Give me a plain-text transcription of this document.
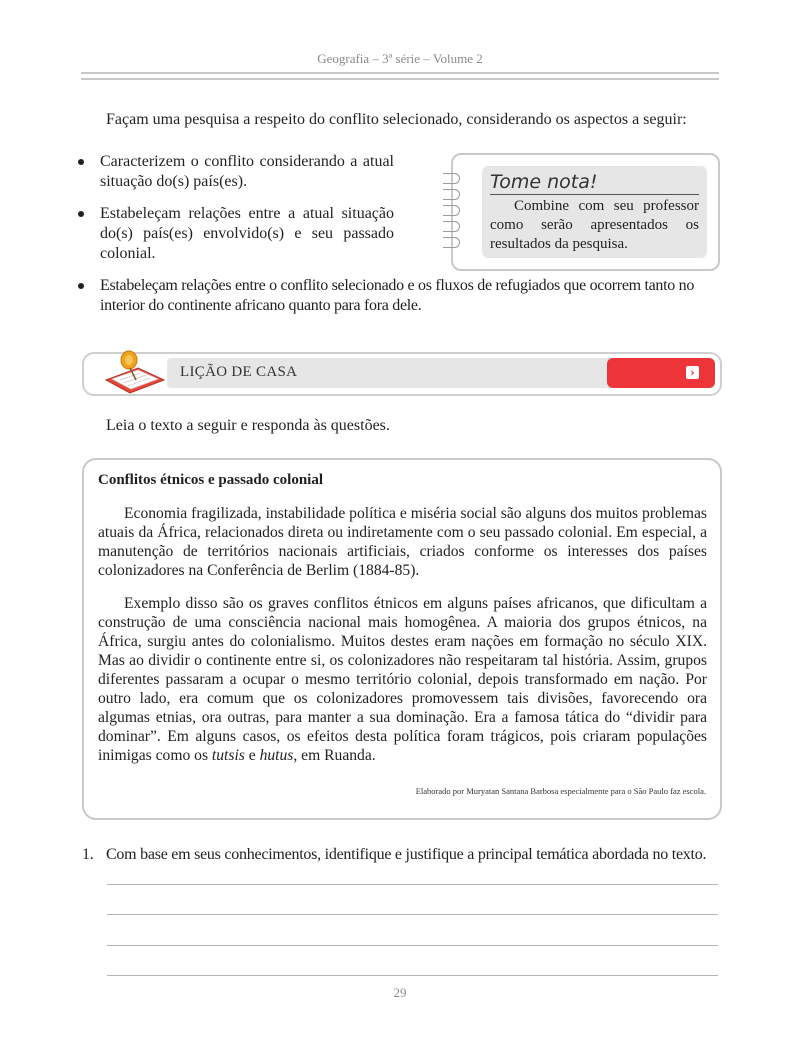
Geografia – 3ª série – Volume 2
Façam uma pesquisa a respeito do conflito selecionado, considerando os aspectos a seguir:
Caracterizem o conflito considerando a atual situação do(s) país(es).
Estabeleçam relações entre a atual situação do(s) país(es) envolvido(s) e seu passado colonial.
Estabeleçam relações entre o conflito selecionado e os fluxos de refugiados que ocorrem tanto no interior do continente africano quanto para fora dele.
Tome nota!
Combine com seu professor como serão apresentados os resultados da pesquisa.
›
LIÇÃO DE CASA
Leia o texto a seguir e responda às questões.
Conflitos étnicos e passado colonial

Economia fragilizada, instabilidade política e miséria social são alguns dos muitos problemas atuais da África, relacionados direta ou indiretamente com o seu passado colonial. Em especial, a manutenção de territórios nacionais artificiais, criados conforme os interesses dos países colonizadores na Conferência de Berlim (1884-85).

Exemplo disso são os graves conflitos étnicos em alguns países africanos, que dificultam a construção de uma consciência nacional mais homogênea. A maioria dos grupos étnicos, na África, surgiu antes do colonialismo. Muitos destes eram nações em formação no século XIX. Mas ao dividir o continente entre si, os colonizadores não respeitaram tal história. Assim, grupos diferentes passaram a ocupar o mesmo território colonial, depois transformado em nação. Por outro lado, era comum que os colonizadores promovessem tais divisões, favorecendo ora algumas etnias, ora outras, para manter a sua dominação. Era a famosa tática do “dividir para dominar”. Em alguns casos, os efeitos desta política foram trágicos, pois criaram populações inimigas como os tutsis e hutus, em Ruanda.

Elaborado por Muryatan Santana Barbosa especialmente para o São Paulo faz escola.
1. Com base em seus conhecimentos, identifique e justifique a principal temática abordada no texto.
29
